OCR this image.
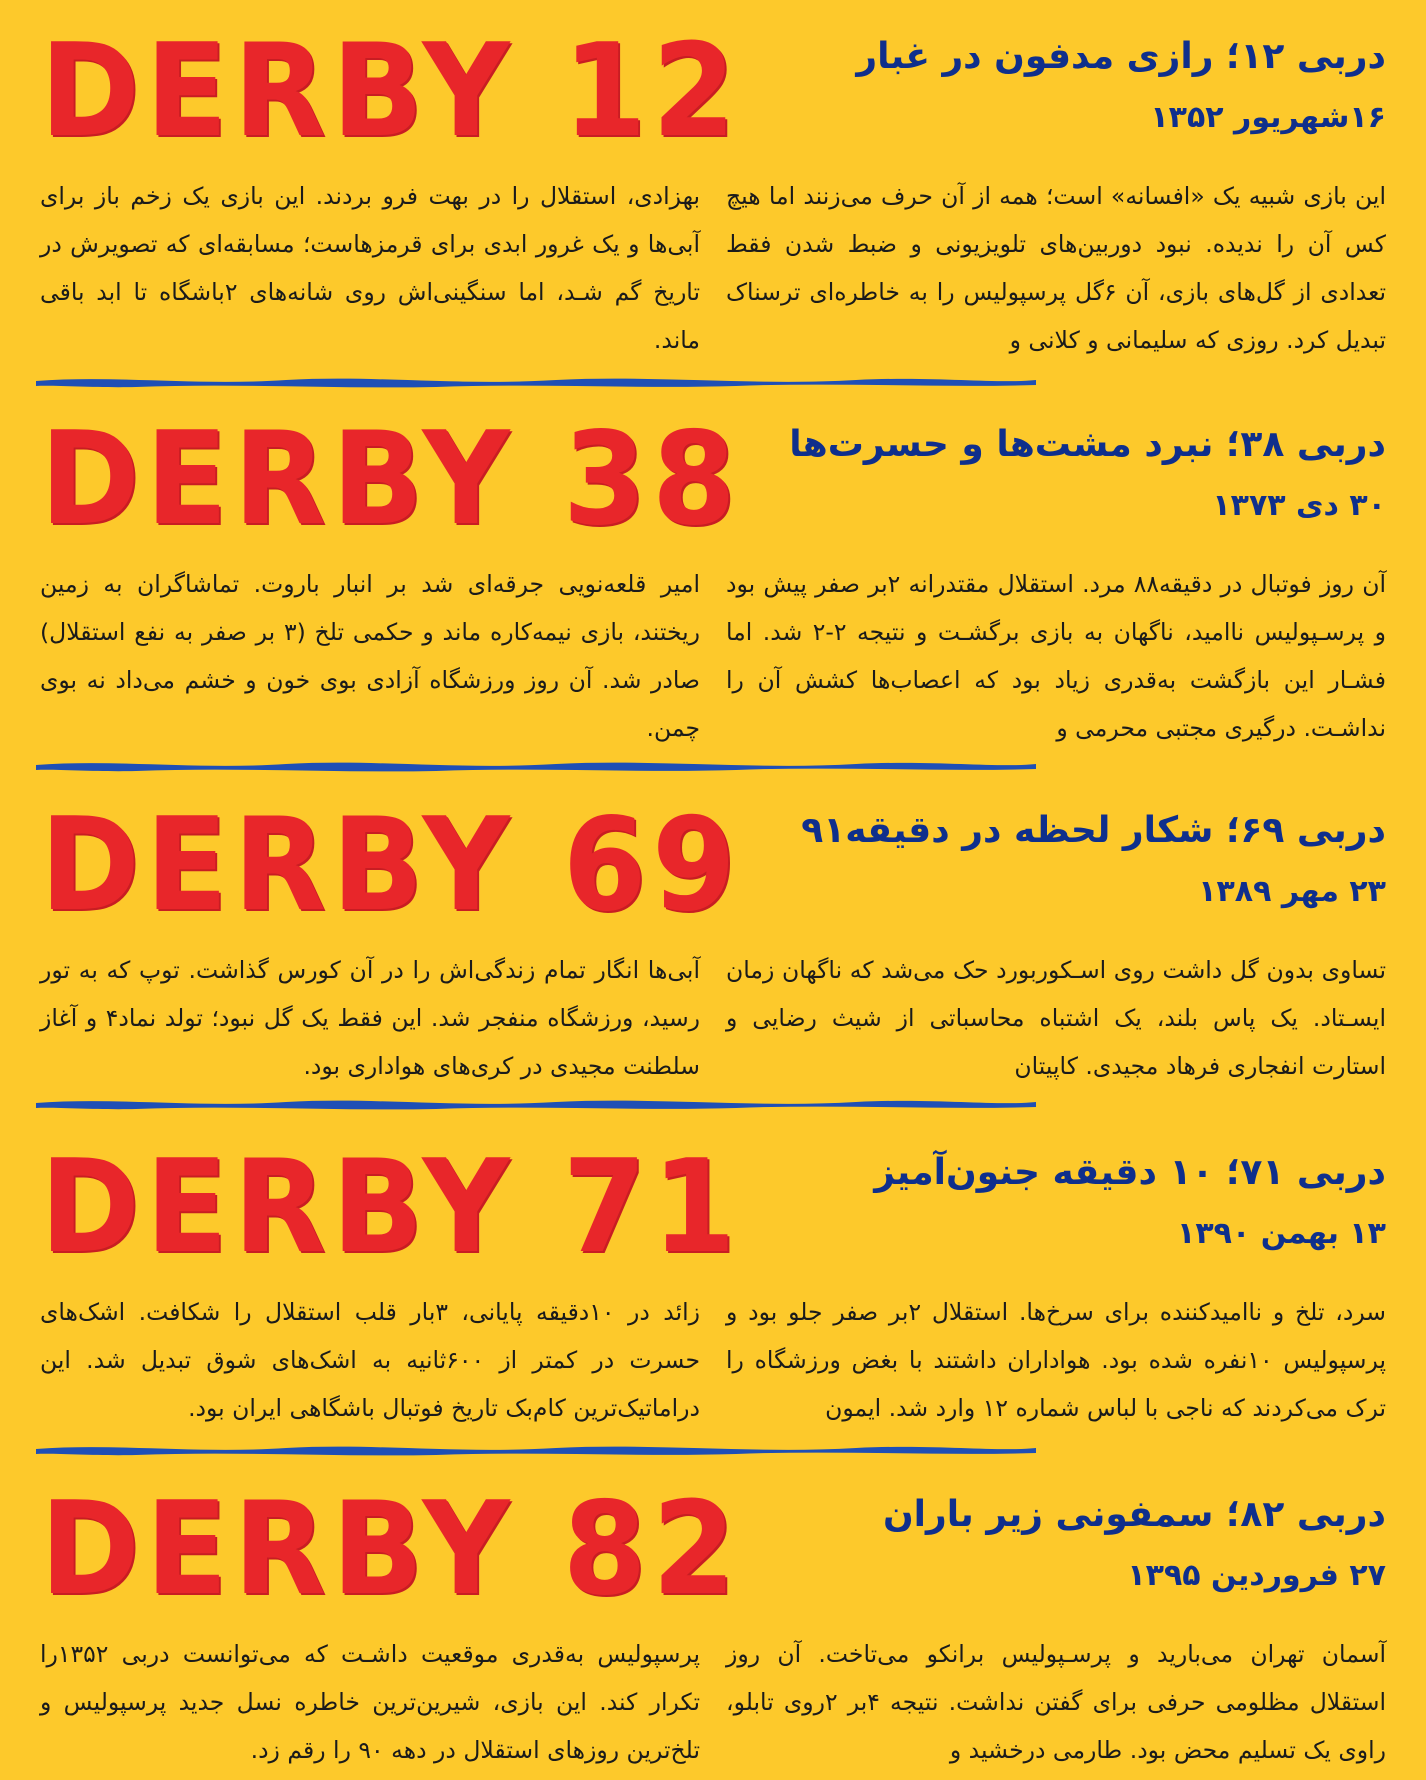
DERBY 12	دربی ۱۲؛ رازی مدفون در غبار
۱۶شهریور ۱۳۵۲
این بازی شبیه یک «افسانه» است؛ همه از آن حرف می‌زنند اما هیچ کس آن را ندیده. نبود دوربین‌های تلویزیونی و ضبط شدن فقط تعدادی از گل‌های بازی، آن ۶گل پرسپولیس را به خاطره‌ای ترسناک تبدیل کرد. روزی که سلیمانی و کلانی و
بهزادی، استقلال را در بهت فرو بردند. این بازی یک زخم باز برای آبی‌ها و یک غرور ابدی برای قرمزهاست؛ مسابقه‌ای که تصویرش در تاریخ گم شـد، اما سنگینی‌اش روی شانه‌های ۲باشگاه تا ابد باقی ماند.
DERBY 38 دربی ۳۸؛ نبرد مشت‌ها و حسرت‌ها
۳۰ دی ۱۳۷۳
آن روز فوتبال در دقیقه۸۸ مرد. استقلال مقتدرانه ۲بر صفر پیش بود و پرسـپولیس ناامید، ناگهان به بازی برگشـت و نتیجه ۲-۲ شد. اما فشـار این بازگشت به‌قدری زیاد بود که اعصاب‌ها کشش آن را نداشـت. درگیری مجتبی محرمی و
امیر قلعه‌نویی جرقه‌ای شد بر انبار باروت. تماشاگران به زمین ریختند، بازی نیمه‌کاره ماند و حکمی تلخ (۳ بر صفر به نفع استقلال) صادر شد. آن روز ورزشگاه آزادی بوی خون و خشم می‌داد نه بوی چمن.
DERBY 69 دربی ۶۹؛ شکار لحظه در دقیقه۹۱
۲۳ مهر ۱۳۸۹
تساوی بدون گل داشت روی اسـکوربورد حک می‌شد که ناگهان زمان ایسـتاد. یک پاس بلند، یک اشتباه محاسباتی از شیث رضایی و استارت انفجاری فرهاد مجیدی. کاپیتان
آبی‌ها انگار تمام زندگی‌اش را در آن کورس گذاشت. توپ که به تور رسید، ورزشگاه منفجر شد. این فقط یک گل نبود؛ تولد نماد۴ و آغاز سلطنت مجیدی در کری‌های هواداری بود.
DERBY 71	دربی ۷۱؛ ۱۰ دقیقه جنون‌آمیز
۱۳ بهمن ۱۳۹۰
سرد، تلخ و ناامیدکننده برای سرخ‌ها. استقلال ۲بر صفر جلو بود و پرسپولیس ۱۰نفره شده بود. هواداران داشتند با بغض ورزشگاه را ترک می‌کردند که ناجی با لباس شماره ۱۲ وارد شد. ایمون
زائد در ۱۰دقیقه پایانی، ۳بار قلب استقلال را شکافت. اشک‌های حسرت در کمتر از ۶۰۰ثانیه به اشک‌های شوق تبدیل شد. این دراماتیک‌ترین کام‌بک تاریخ فوتبال باشگاهی ایران بود.
DERBY 82	دربی ۸۲؛ سمفونی زیر باران
۲۷ فروردین ۱۳۹۵
آسمان تهران می‌بارید و پرسـپولیس برانکو می‌تاخت. آن روز استقلال مظلومی حرفی برای گفتن نداشت. نتیجه ۴بر ۲روی تابلو، راوی یک تسلیم محض بود. طارمی درخشید و
پرسپولیس به‌قدری موقعیت داشـت که می‌توانست دربی ۱۳۵۲را تکرار کند. این بازی، شیرین‌ترین خاطره نسل جدید پرسپولیس و تلخ‌ترین روزهای استقلال در دهه ۹۰ را رقم زد.
